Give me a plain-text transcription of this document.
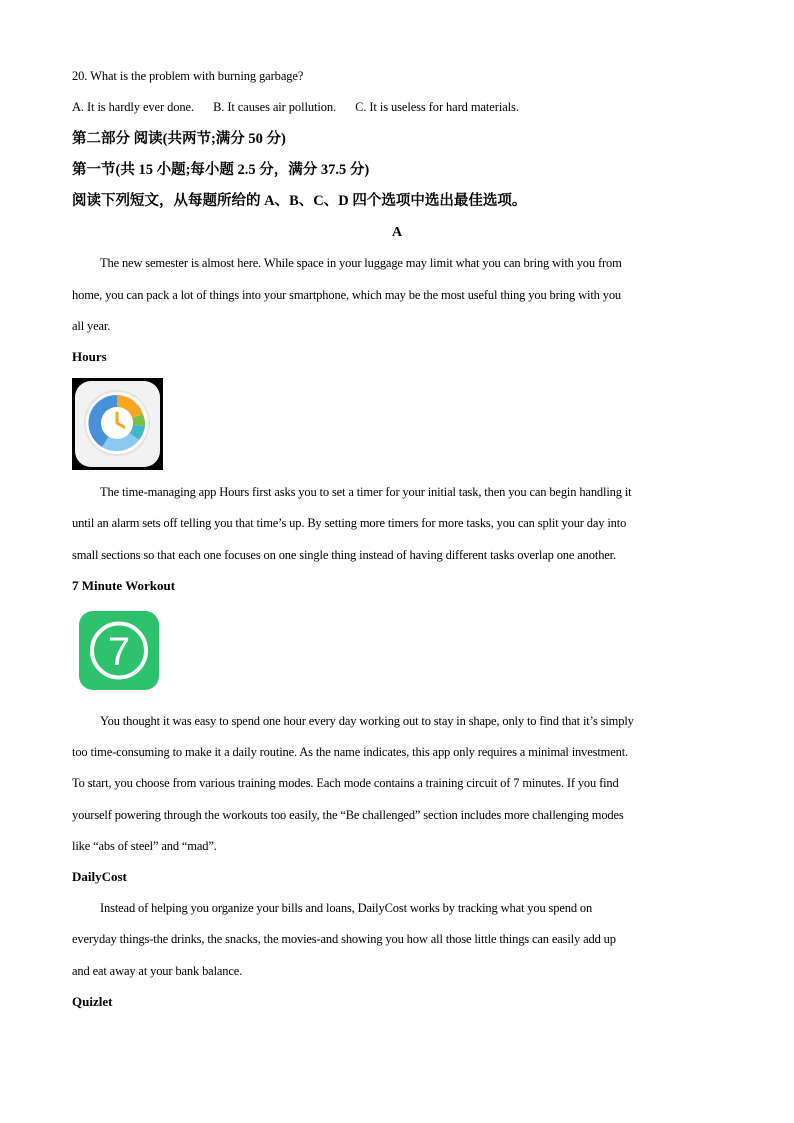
20. What is the problem with burning garbage?
A. It is hardly ever done. B. It causes air pollution. C. It is useless for hard materials.
第二部分 阅读(共两节;满分 50 分)
第一节(共 15 小题;每小题 2.5 分，满分 37.5 分)
阅读下列短文，从每题所给的 A、B、C、D 四个选项中选出最佳选项。
A
The new semester is almost here. While space in your luggage may limit what you can bring with you from
home, you can pack a lot of things into your smartphone, which may be the most useful thing you bring with you
all year.
Hours
The time-managing app Hours first asks you to set a timer for your initial task, then you can begin handling it
until an alarm sets off telling you that time’s up. By setting more timers for more tasks, you can split your day into
small sections so that each one focuses on one single thing instead of having different tasks overlap one another.
7 Minute Workout
7
You thought it was easy to spend one hour every day working out to stay in shape, only to find that it’s simply
too time-consuming to make it a daily routine. As the name indicates, this app only requires a minimal investment.
To start, you choose from various training modes. Each mode contains a training circuit of 7 minutes. If you find
yourself powering through the workouts too easily, the “Be challenged” section includes more challenging modes
like “abs of steel” and “mad”.
DailyCost
Instead of helping you organize your bills and loans, DailyCost works by tracking what you spend on
everyday things-the drinks, the snacks, the movies-and showing you how all those little things can easily add up
and eat away at your bank balance.
Quizlet
